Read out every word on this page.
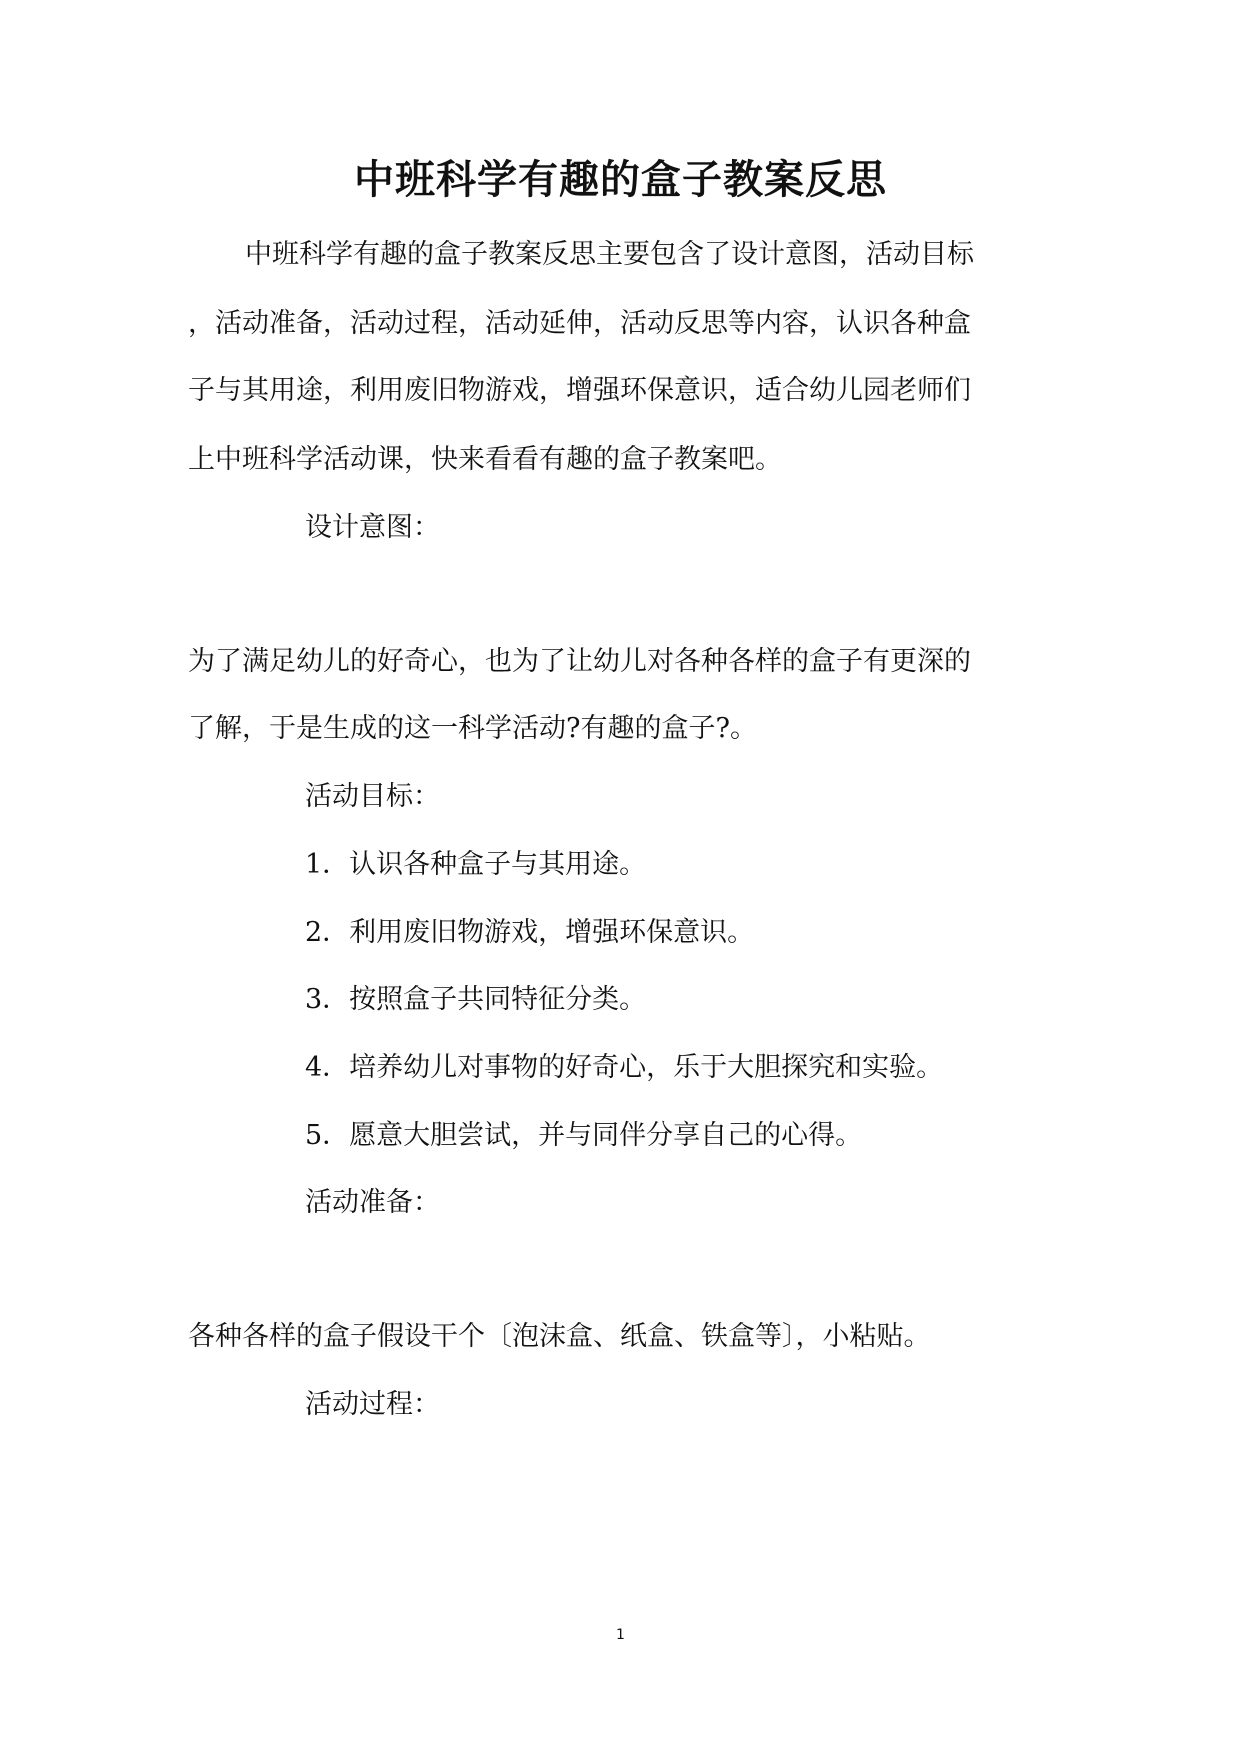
中班科学有趣的盒子教案反思
中班科学有趣的盒子教案反思主要包含了设计意图，活动目标
，活动准备，活动过程，活动延伸，活动反思等内容，认识各种盒
子与其用途，利用废旧物游戏，增强环保意识，适合幼儿园老师们
上中班科学活动课，快来看看有趣的盒子教案吧。
设计意图：
为了满足幼儿的好奇心，也为了让幼儿对各种各样的盒子有更深的
了解，于是生成的这一科学活动?有趣的盒子?。
活动目标：
1．认识各种盒子与其用途。
2．利用废旧物游戏，增强环保意识。
3．按照盒子共同特征分类。
4．培养幼儿对事物的好奇心，乐于大胆探究和实验。
5．愿意大胆尝试，并与同伴分享自己的心得。
活动准备：
各种各样的盒子假设干个〔泡沫盒、纸盒、铁盒等〕，小粘贴。
活动过程：
1
